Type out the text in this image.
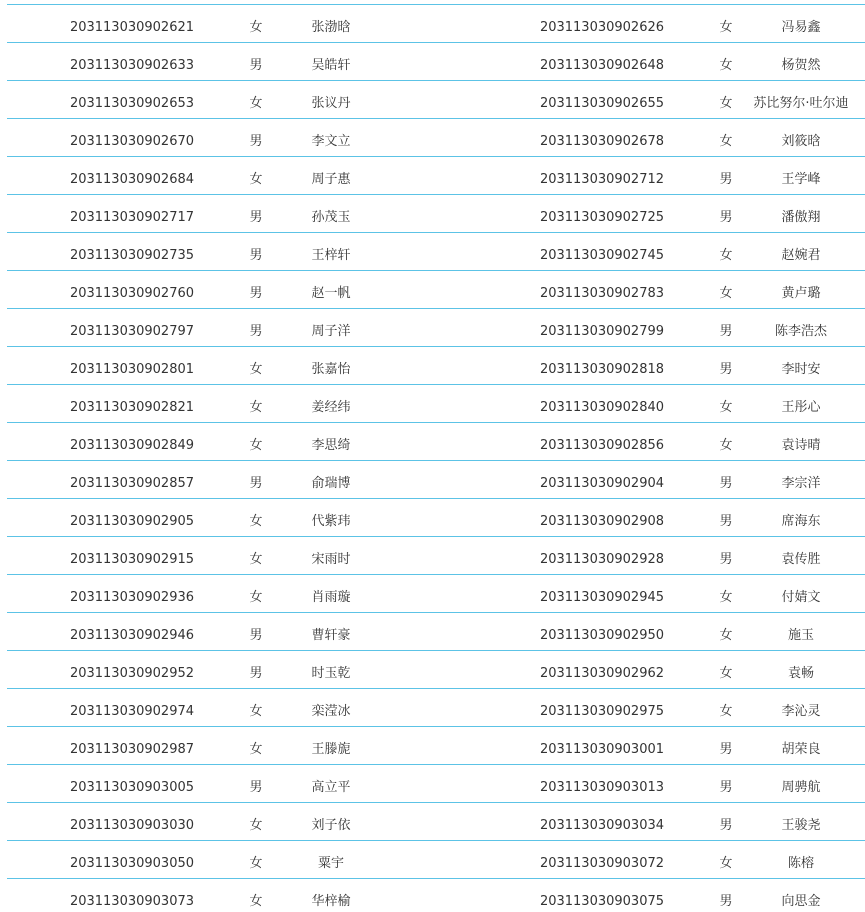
203113030902621	女	张渤晗	203113030902626	女	冯易鑫
203113030902633	男	吴皓轩	203113030902648	女	杨贺然
203113030902653	女	张议丹	203113030902655	女	苏比努尔·吐尔迪
203113030902670	男	李文立	203113030902678	女	刘筱晗
203113030902684	女	周子惠	203113030902712	男	王学峰
203113030902717	男	孙茂玉	203113030902725	男	潘傲翔
203113030902735	男	王梓轩	203113030902745	女	赵婉君
203113030902760	男	赵一帆	203113030902783	女	黄卢璐
203113030902797	男	周子洋	203113030902799	男	陈李浩杰
203113030902801	女	张嘉怡	203113030902818	男	李时安
203113030902821	女	姜经纬	203113030902840	女	王彤心
203113030902849	女	李思绮	203113030902856	女	袁诗晴
203113030902857	男	俞瑞博	203113030902904	男	李宗洋
203113030902905	女	代紫玮	203113030902908	男	席海东
203113030902915	女	宋雨时	203113030902928	男	袁传胜
203113030902936	女	肖雨璇	203113030902945	女	付婧文
203113030902946	男	曹轩豪	203113030902950	女	施玉
203113030902952	男	时玉乾	203113030902962	女	袁畅
203113030902974	女	栾滢冰	203113030902975	女	李沁灵
203113030902987	女	王滕旎	203113030903001	男	胡荣良
203113030903005	男	高立平	203113030903013	男	周骋航
203113030903030	女	刘子依	203113030903034	男	王骏尧
203113030903050	女	粟宇	203113030903072	女	陈榕
203113030903073	女	华梓榆	203113030903075	男	向思金
